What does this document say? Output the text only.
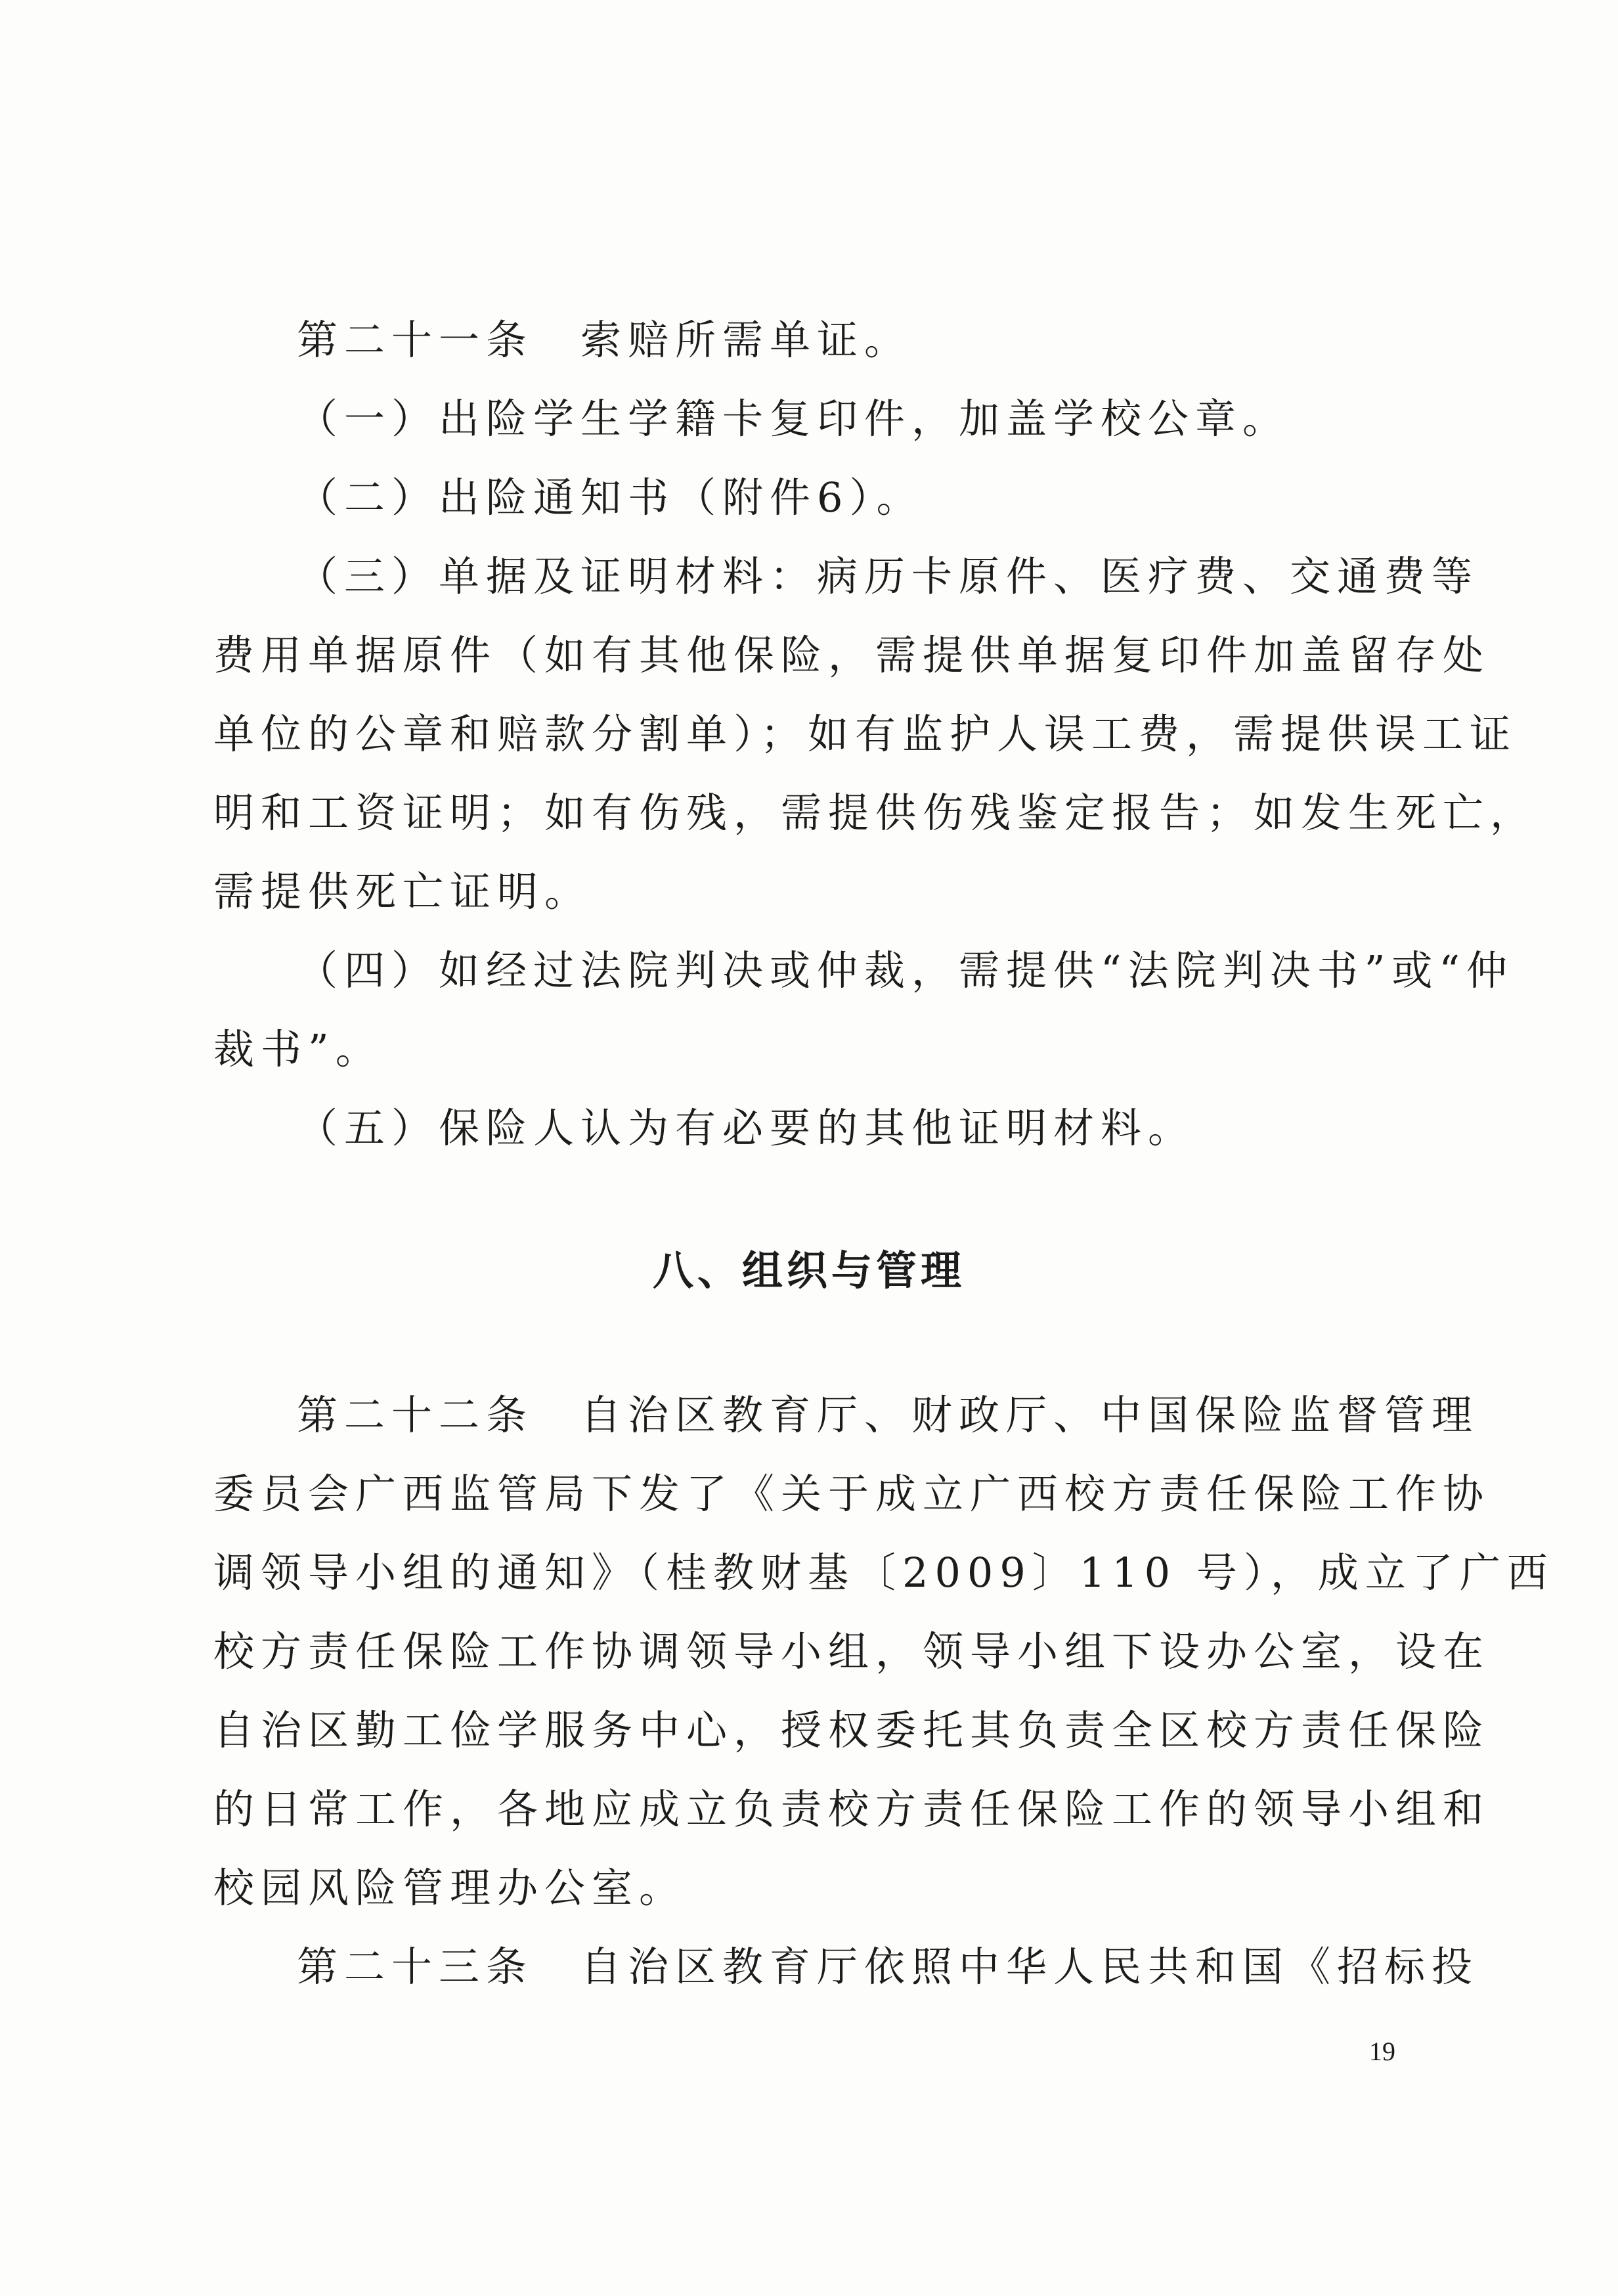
第二十一条　索赔所需单证。
（一）出险学生学籍卡复印件，加盖学校公章。
（二）出险通知书（附件6）。
（三）单据及证明材料：病历卡原件、医疗费、交通费等
费用单据原件（如有其他保险，需提供单据复印件加盖留存处
单位的公章和赔款分割单）；如有监护人误工费，需提供误工证
明和工资证明；如有伤残，需提供伤残鉴定报告；如发生死亡，
需提供死亡证明。
（四）如经过法院判决或仲裁，需提供“法院判决书”或“仲
裁书”。
（五）保险人认为有必要的其他证明材料。
八、组织与管理
第二十二条　自治区教育厅、财政厅、中国保险监督管理
委员会广西监管局下发了《关于成立广西校方责任保险工作协
调领导小组的通知》（桂教财基〔2009〕110 号），成立了广西
校方责任保险工作协调领导小组，领导小组下设办公室，设在
自治区勤工俭学服务中心，授权委托其负责全区校方责任保险
的日常工作，各地应成立负责校方责任保险工作的领导小组和
校园风险管理办公室。
第二十三条　自治区教育厅依照中华人民共和国《招标投
19
